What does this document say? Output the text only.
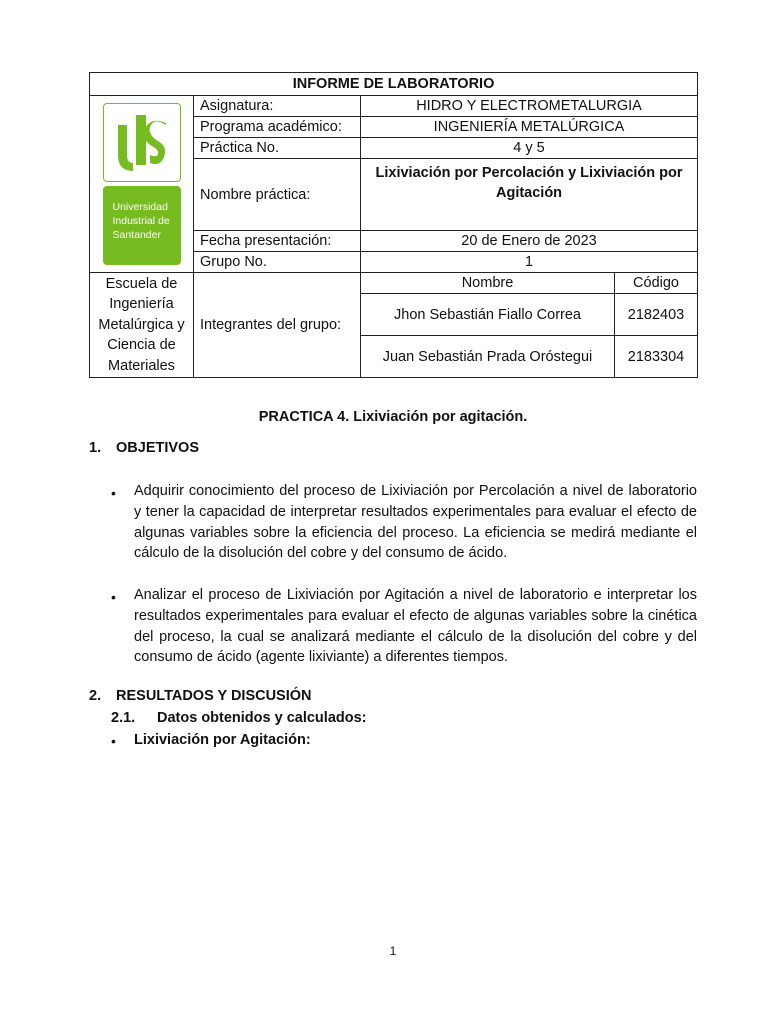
INFORME DE LABORATORIO			

Universidad
Industrial de
Santander	Asignatura:	HIDRO Y ELECTROMETALURGIA	
	Programa académico:	INGENIERÍA METALÚRGICA	
	Práctica No.	4 y 5	
	Nombre práctica:	Lixiviación por Percolación y Lixiviación por Agitación	
	Fecha presentación:	20 de Enero de 2023	
	Grupo No.	1	
Escuela de Ingeniería Metalúrgica y Ciencia de Materiales	Integrantes del grupo:	Nombre	Código
		Jhon Sebastián Fiallo Correa	2182403
		Juan Sebastián Prada Oróstegui	2183304
PRACTICA 4. Lixiviación por agitación.
1. OBJETIVOS
• Adquirir conocimiento del proceso de Lixiviación por Percolación a nivel de laboratorio y tener la capacidad de interpretar resultados experimentales para evaluar el efecto de algunas variables sobre la eficiencia del proceso. La eficiencia se medirá mediante el cálculo de la disolución del cobre y del consumo de ácido.
• Analizar el proceso de Lixiviación por Agitación a nivel de laboratorio e interpretar los resultados experimentales para evaluar el efecto de algunas variables sobre la cinética del proceso, la cual se analizará mediante el cálculo de la disolución del cobre y del consumo de ácido (agente lixiviante) a diferentes tiempos.
2. RESULTADOS Y DISCUSIÓN
2.1. Datos obtenidos y calculados:
• Lixiviación por Agitación:
1
